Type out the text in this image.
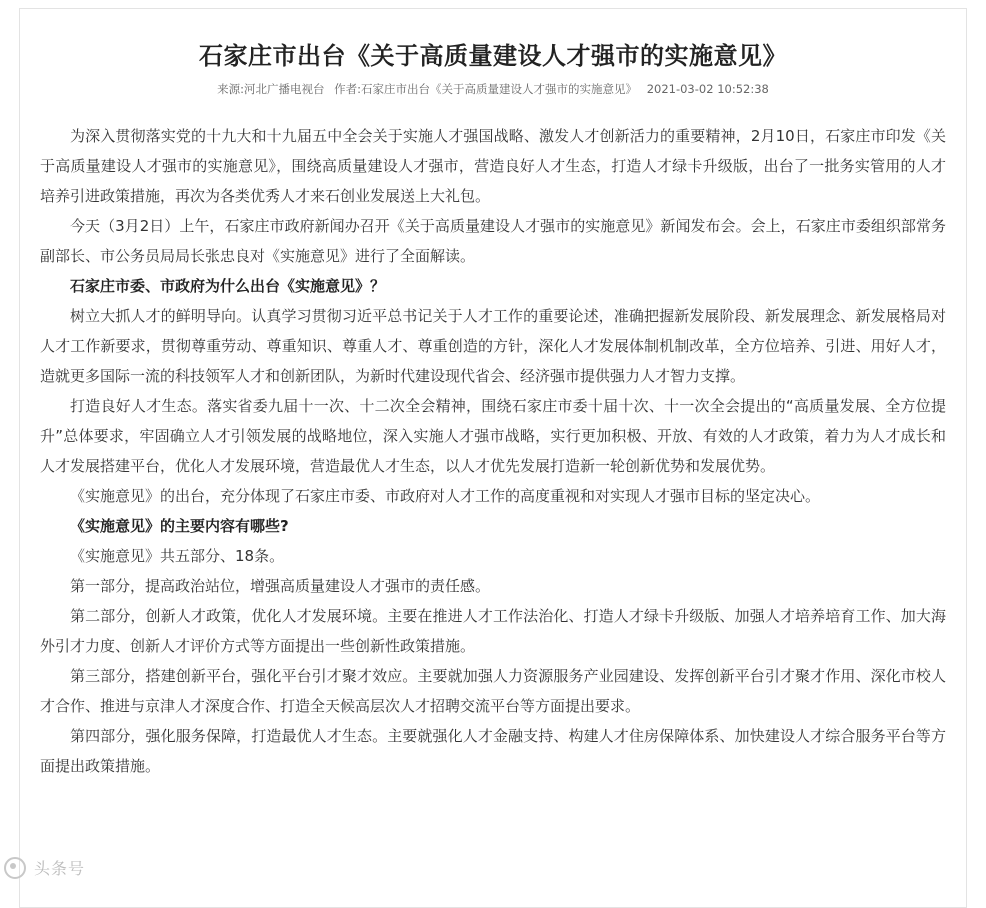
石家庄市出台《关于高质量建设人才强市的实施意见》
来源:河北广播电视台 作者:石家庄市出台《关于高质量建设人才强市的实施意见》 2021-03-02 10:52:38

为深入贯彻落实党的十九大和十九届五中全会关于实施人才强国战略、激发人才创新活力的重要精神，2月10日，石家庄市印发《关于高质量建设人才强市的实施意见》，围绕高质量建设人才强市，营造良好人才生态，打造人才绿卡升级版，出台了一批务实管用的人才培养引进政策措施，再次为各类优秀人才来石创业发展送上大礼包。

今天（3月2日）上午，石家庄市政府新闻办召开《关于高质量建设人才强市的实施意见》新闻发布会。会上，石家庄市委组织部常务副部长、市公务员局局长张忠良对《实施意见》进行了全面解读。

石家庄市委、市政府为什么出台《实施意见》？

树立大抓人才的鲜明导向。认真学习贯彻习近平总书记关于人才工作的重要论述，准确把握新发展阶段、新发展理念、新发展格局对人才工作新要求，贯彻尊重劳动、尊重知识、尊重人才、尊重创造的方针，深化人才发展体制机制改革，全方位培养、引进、用好人才，造就更多国际一流的科技领军人才和创新团队，为新时代建设现代省会、经济强市提供强力人才智力支撑。

打造良好人才生态。落实省委九届十一次、十二次全会精神，围绕石家庄市委十届十次、十一次全会提出的“高质量发展、全方位提升”总体要求，牢固确立人才引领发展的战略地位，深入实施人才强市战略，实行更加积极、开放、有效的人才政策，着力为人才成长和人才发展搭建平台，优化人才发展环境，营造最优人才生态，以人才优先发展打造新一轮创新优势和发展优势。

《实施意见》的出台，充分体现了石家庄市委、市政府对人才工作的高度重视和对实现人才强市目标的坚定决心。

《实施意见》的主要内容有哪些?

《实施意见》共五部分、18条。

第一部分，提高政治站位，增强高质量建设人才强市的责任感。

第二部分，创新人才政策，优化人才发展环境。主要在推进人才工作法治化、打造人才绿卡升级版、加强人才培养培育工作、加大海外引才力度、创新人才评价方式等方面提出一些创新性政策措施。

第三部分，搭建创新平台，强化平台引才聚才效应。主要就加强人力资源服务产业园建设、发挥创新平台引才聚才作用、深化市校人才合作、推进与京津人才深度合作、打造全天候高层次人才招聘交流平台等方面提出要求。

第四部分，强化服务保障，打造最优人才生态。主要就强化人才金融支持、构建人才住房保障体系、加快建设人才综合服务平台等方面提出政策措施。

头条号
